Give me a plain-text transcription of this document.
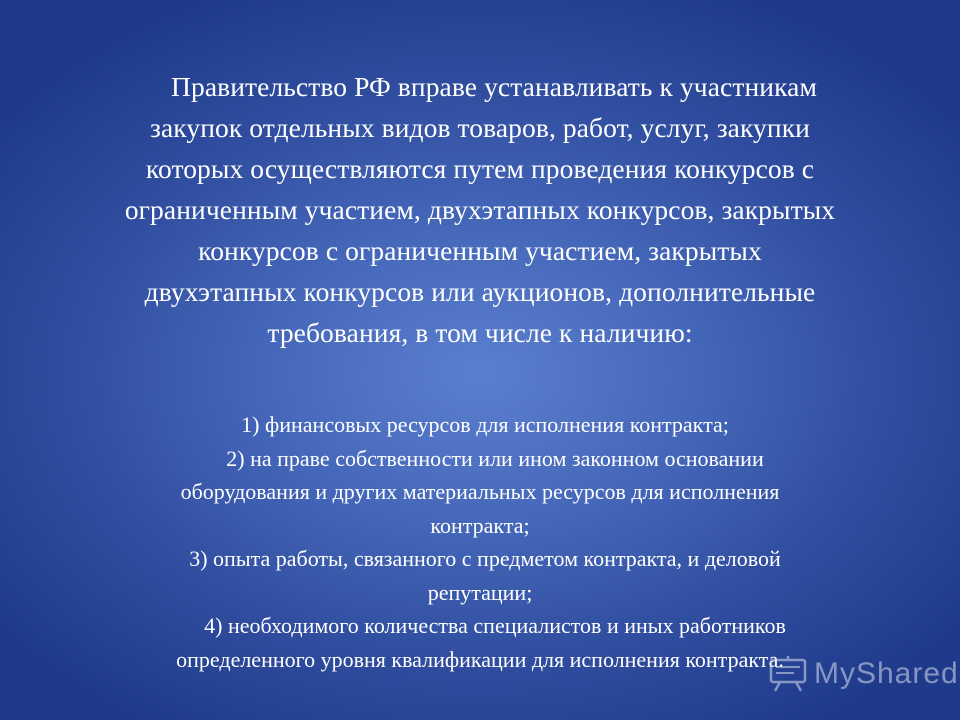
Правительство РФ вправе устанавливать к участникам

закупок отдельных видов товаров, работ, услуг, закупки

которых осуществляются путем проведения конкурсов с

ограниченным участием, двухэтапных конкурсов, закрытых

конкурсов с ограниченным участием, закрытых

двухэтапных конкурсов или аукционов, дополнительные

требования, в том числе к наличию:

1) финансовых ресурсов для исполнения контракта;

2) на праве собственности или ином законном основании

оборудования и других материальных ресурсов для исполнения

контракта;

3) опыта работы, связанного с предметом контракта, и деловой

репутации;

4) необходимого количества специалистов и иных работников

определенного уровня квалификации для исполнения контракта.	MyShared
